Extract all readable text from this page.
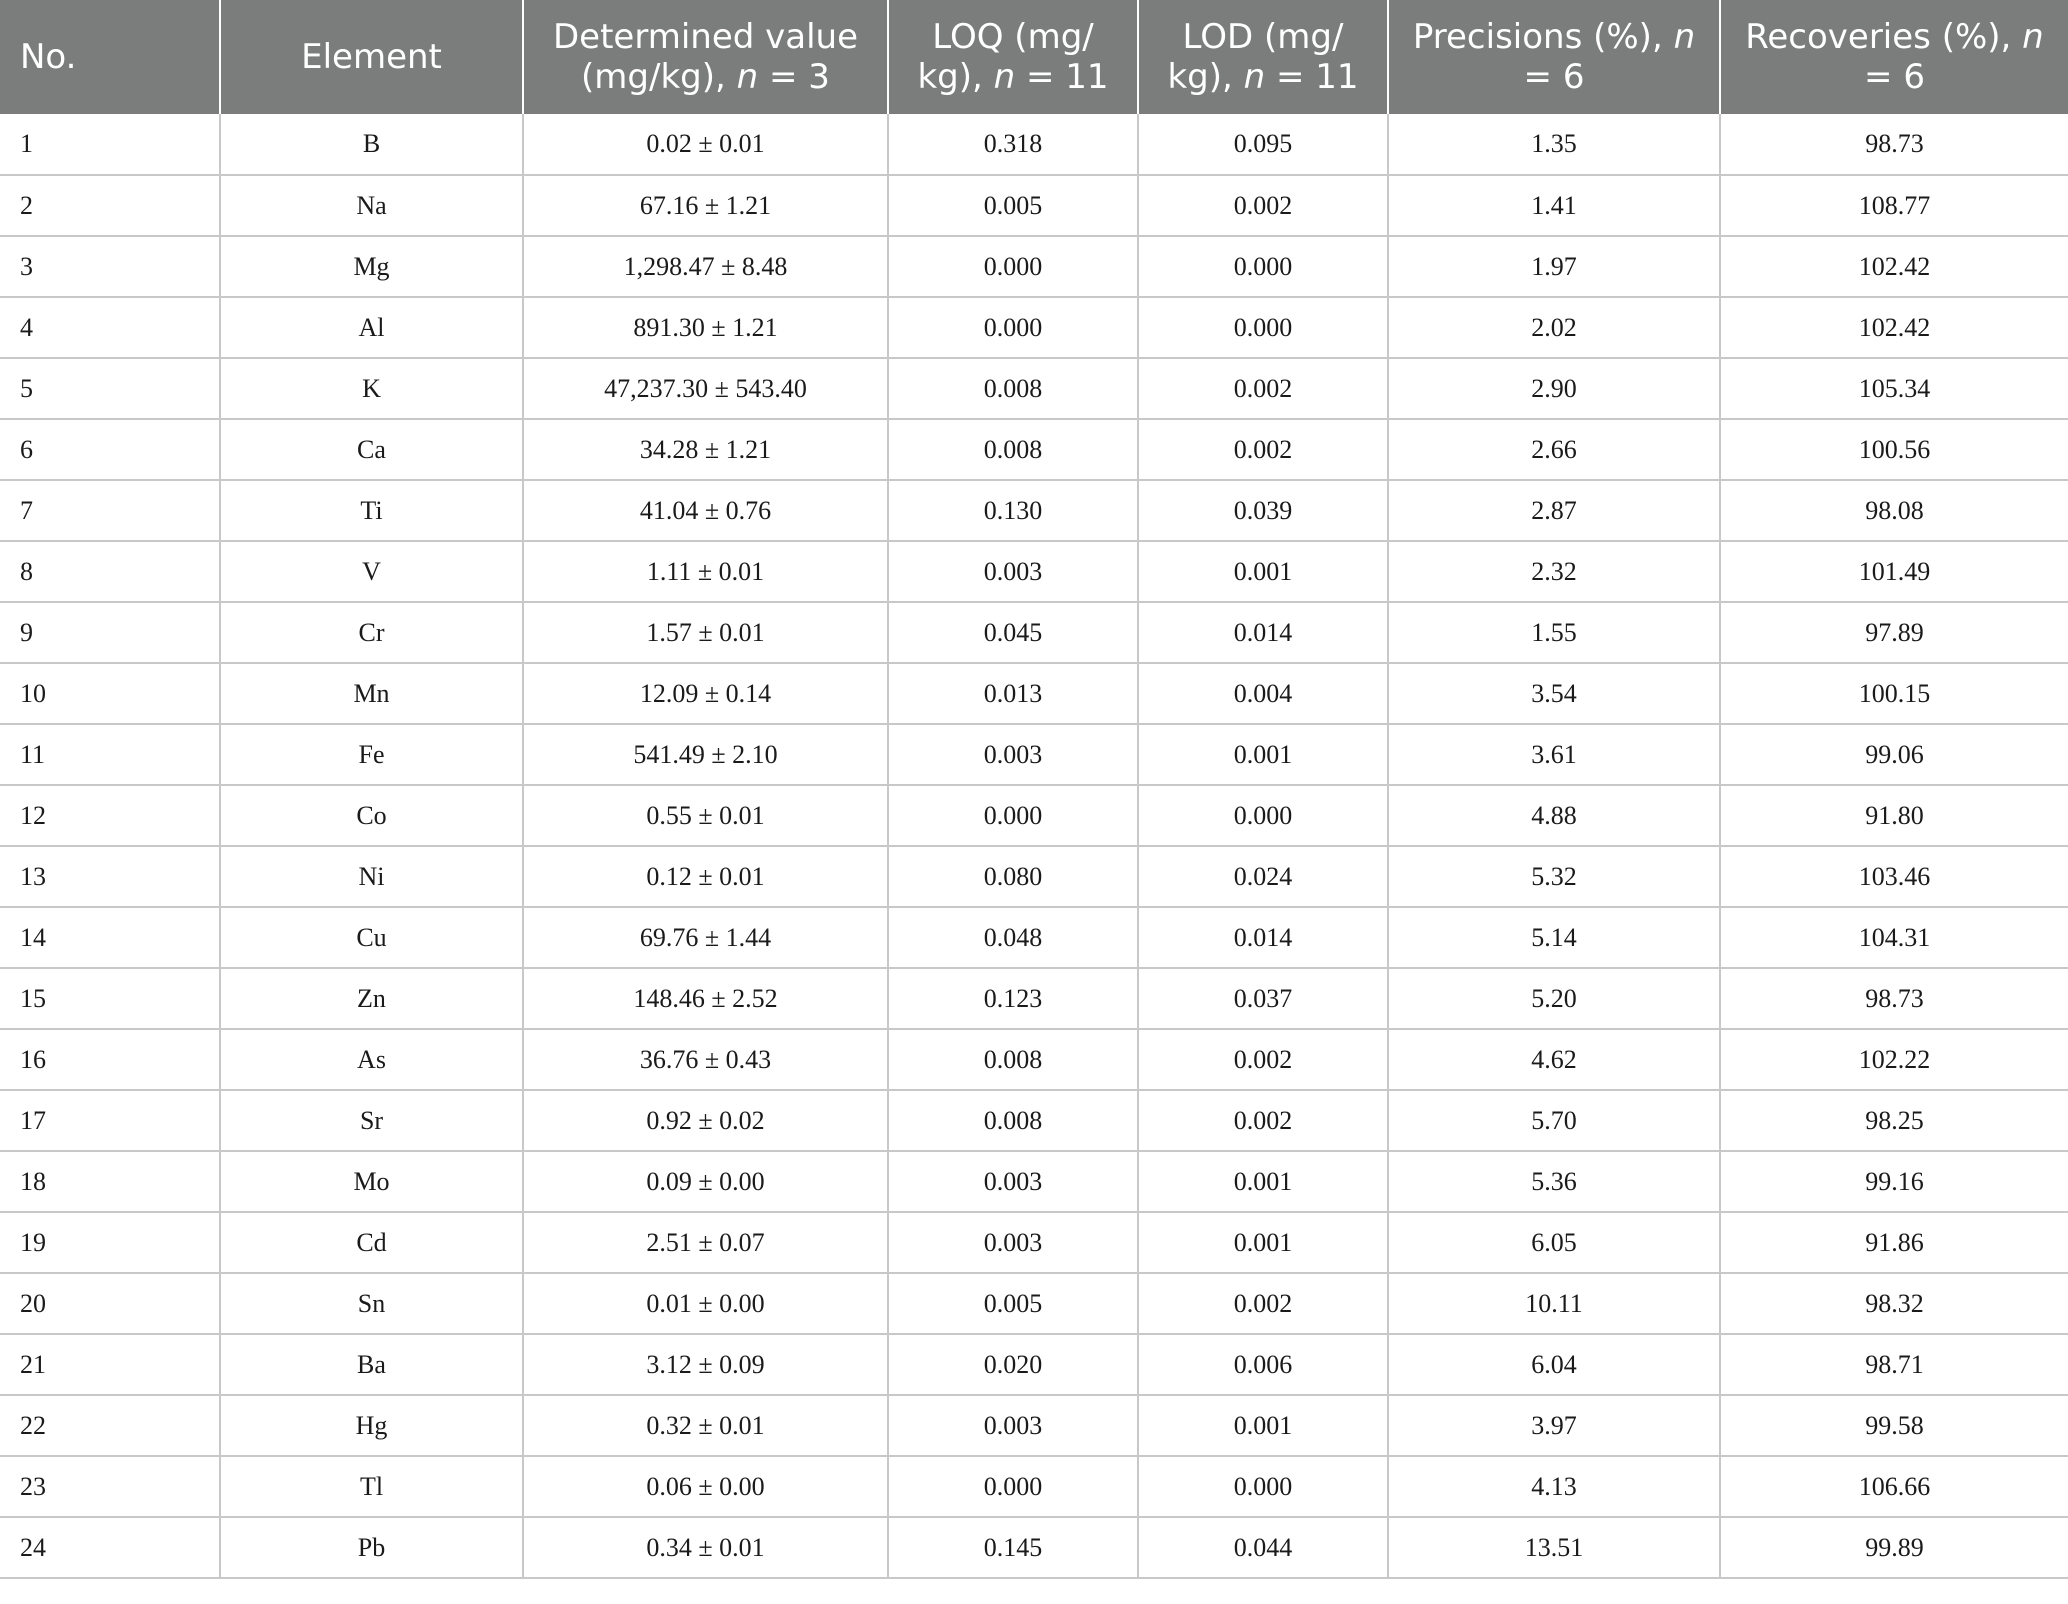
No.	Element	Determined value (mg/kg), n = 3	LOQ (mg/ kg), n = 11	LOD (mg/ kg), n = 11	Precisions (%), n = 6	Recoveries (%), n = 6
1	B	0.02 ± 0.01	0.318	0.095	1.35	98.73
2	Na	67.16 ± 1.21	0.005	0.002	1.41	108.77
3	Mg	1,298.47 ± 8.48	0.000	0.000	1.97	102.42
4	Al	891.30 ± 1.21	0.000	0.000	2.02	102.42
5	K	47,237.30 ± 543.40	0.008	0.002	2.90	105.34
6	Ca	34.28 ± 1.21	0.008	0.002	2.66	100.56
7	Ti	41.04 ± 0.76	0.130	0.039	2.87	98.08
8	V	1.11 ± 0.01	0.003	0.001	2.32	101.49
9	Cr	1.57 ± 0.01	0.045	0.014	1.55	97.89
10	Mn	12.09 ± 0.14	0.013	0.004	3.54	100.15
11	Fe	541.49 ± 2.10	0.003	0.001	3.61	99.06
12	Co	0.55 ± 0.01	0.000	0.000	4.88	91.80
13	Ni	0.12 ± 0.01	0.080	0.024	5.32	103.46
14	Cu	69.76 ± 1.44	0.048	0.014	5.14	104.31
15	Zn	148.46 ± 2.52	0.123	0.037	5.20	98.73
16	As	36.76 ± 0.43	0.008	0.002	4.62	102.22
17	Sr	0.92 ± 0.02	0.008	0.002	5.70	98.25
18	Mo	0.09 ± 0.00	0.003	0.001	5.36	99.16
19	Cd	2.51 ± 0.07	0.003	0.001	6.05	91.86
20	Sn	0.01 ± 0.00	0.005	0.002	10.11	98.32
21	Ba	3.12 ± 0.09	0.020	0.006	6.04	98.71
22	Hg	0.32 ± 0.01	0.003	0.001	3.97	99.58
23	Tl	0.06 ± 0.00	0.000	0.000	4.13	106.66
24	Pb	0.34 ± 0.01	0.145	0.044	13.51	99.89
